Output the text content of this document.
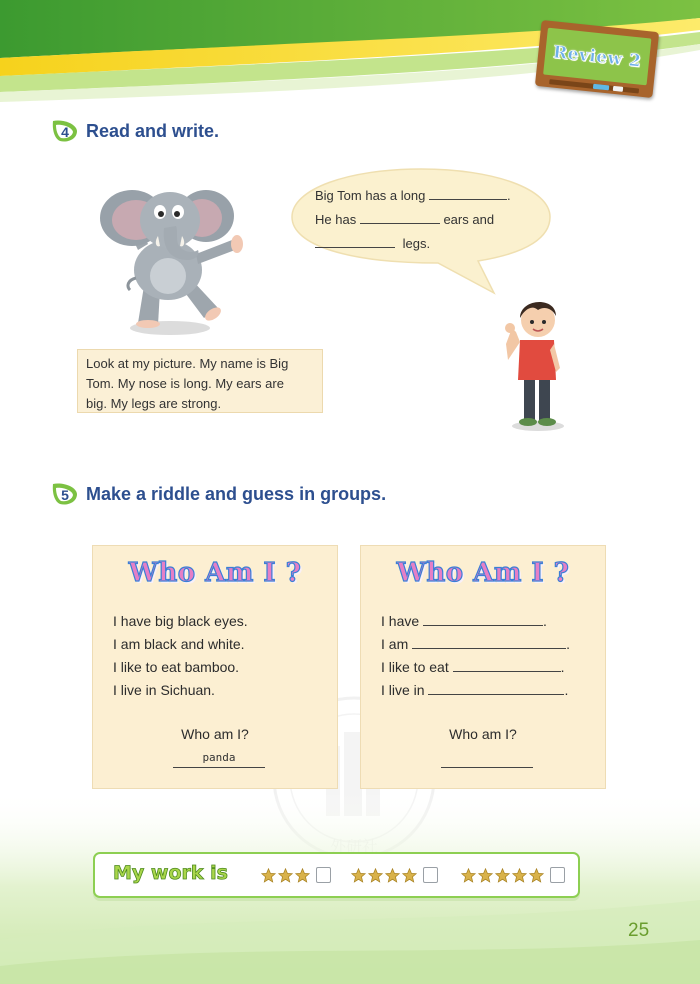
Review 2
4 Read and write.
Look at my picture. My name is Big
Tom. My nose is long. My ears are
big. My legs are strong.
Big Tom has a long	.
He has	ears and
legs.
5 Make a riddle and guess in groups.
Who Am I ?
I have big black eyes.
I am black and white.
I like to eat bamboo.
I live in Sichuan.
Who am I?
panda
Who Am I ?
I have	.
I am	.
I like to eat	.
I live in	.
Who am I?
My work is
25
